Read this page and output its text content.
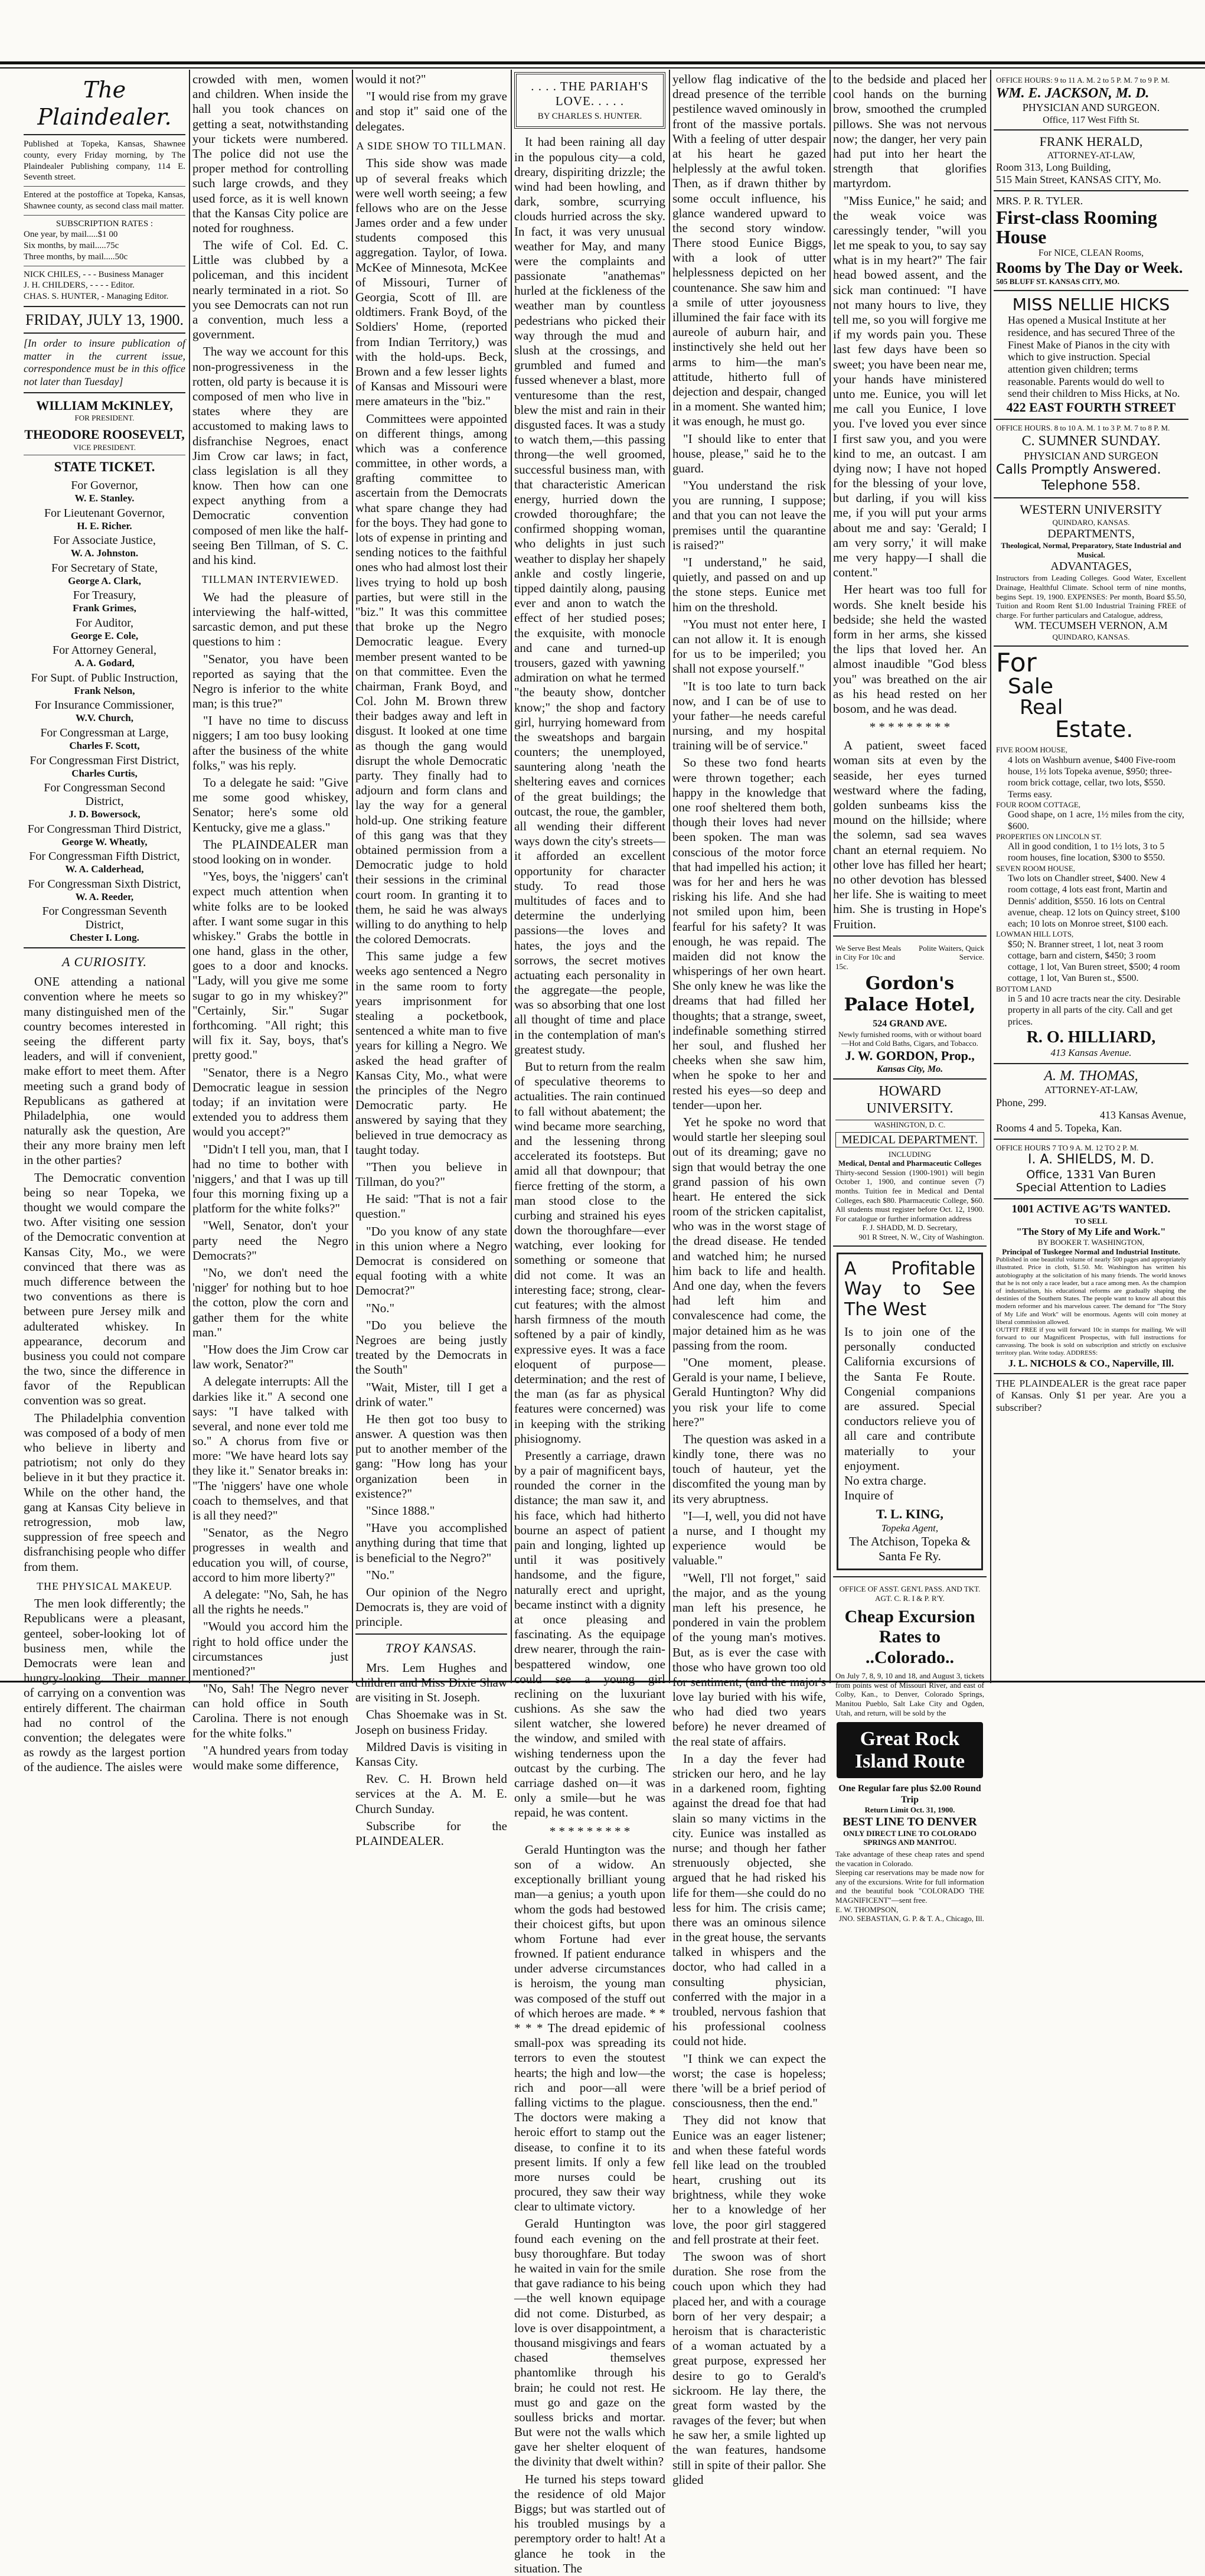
The Plaindealer.
Published at Topeka, Kansas, Shawnee county, every Friday morning, by The Plaindealer Publishing company, 114 E. Seventh street.
Entered at the postoffice at Topeka, Kansas, Shawnee county, as second class mail matter.
SUBSCRIPTION RATES :
One year, by mail.....$1 00
Six months, by mail.....75c
Three months, by mail.....50c
NICK CHILES, - - - Business Manager
J. H. CHILDERS, - - - - Editor.
CHAS. S. HUNTER, - Managing Editor.
FRIDAY, JULY 13, 1900.
[In order to insure publication of matter in the current issue, correspondence must be in this office not later than Tuesday]
WILLIAM McKINLEY,
FOR PRESIDENT.
THEODORE ROOSEVELT,
VICE PRESIDENT.
STATE TICKET.
For Governor,
W. E. Stanley.
For Lieutenant Governor,
H. E. Richer.
For Associate Justice,
W. A. Johnston.
For Secretary of State,
George A. Clark,
For Treasury,
Frank Grimes,
For Auditor,
George E. Cole,
For Attorney General,
A. A. Godard,
For Supt. of Public Instruction,
Frank Nelson,
For Insurance Commissioner,
W.V. Church,
For Congressman at Large,
Charles F. Scott,
For Congressman First District,
Charles Curtis,
For Congressman Second District,
J. D. Bowersock,
For Congressman Third District,
George W. Wheatly,
For Congressman Fifth District,
W. A. Calderhead,
For Congressman Sixth District,
W. A. Reeder,
For Congressman Seventh District,
Chester I. Long.
A CURIOSITY.

ONE attending a national convention where he meets so many distinguished men of the country becomes interested in seeing the different party leaders, and will if convenient, make effort to meet them. After meeting such a grand body of Republicans as gathered at Philadelphia, one would naturally ask the question, Are their any more brainy men left in the other parties?

The Democratic convention being so near Topeka, we thought we would compare the two. After visiting one session of the Democratic convention at Kansas City, Mo., we were convinced that there was as much difference between the two conventions as there is between pure Jersey milk and adulterated whiskey. In appearance, decorum and business you could not compare the two, since the difference in favor of the Republican convention was so great.

The Philadelphia convention was composed of a body of men who believe in liberty and patriotism; not only do they believe in it but they practice it. While on the other hand, the gang at Kansas City believe in retrogression, mob law, suppression of free speech and disfranchising people who differ from them.

THE PHYSICAL MAKEUP.

The men look differently; the Republicans were a pleasant, genteel, sober-looking lot of business men, while the Democrats were lean and hungry-looking. Their manner of carrying on a convention was entirely different. The chairman had no control of the convention; the delegates were as rowdy as the largest portion of the audience. The aisles were

crowded with men, women and children. When inside the hall you took chances on getting a seat, notwithstanding your tickets were numbered. The police did not use the proper method for controlling such large crowds, and they used force, as it is well known that the Kansas City police are noted for roughness.

The wife of Col. Ed. C. Little was clubbed by a policeman, and this incident nearly terminated in a riot. So you see Democrats can not run a convention, much less a government.

The way we account for this non-progressiveness in the rotten, old party is because it is composed of men who live in states where they are accustomed to making laws to disfranchise Negroes, enact Jim Crow car laws; in fact, class legislation is all they know. Then how can one expect anything from a Democratic convention composed of men like the half-seeing Ben Tillman, of S. C. and his kind.

TILLMAN INTERVIEWED.

We had the pleasure of interviewing the half-witted, sarcastic demon, and put these questions to him :

"Senator, you have been reported as saying that the Negro is inferior to the white man; is this true?"

"I have no time to discuss niggers; I am too busy looking after the business of the white folks," was his reply.

To a delegate he said: "Give me some good whiskey, Senator; here's some old Kentucky, give me a glass."

The PLAINDEALER man stood looking on in wonder.

"Yes, boys, the 'niggers' can't expect much attention when white folks are to be looked after. I want some sugar in this whiskey." Grabs the bottle in one hand, glass in the other, goes to a door and knocks. "Lady, will you give me some sugar to go in my whiskey?" "Certainly, Sir." Sugar forthcoming. "All right; this will fix it. Say, boys, that's pretty good."

"Senator, there is a Negro Democratic league in session today; if an invitation were extended you to address them would you accept?"

"Didn't I tell you, man, that I had no time to bother with 'niggers,' and that I was up till four this morning fixing up a platform for the white folks?"

"Well, Senator, don't your party need the Negro Democrats?"

"No, we don't need the 'nigger' for nothing but to hoe the cotton, plow the corn and gather them for the white man."

"How does the Jim Crow car law work, Senator?"

A delegate interrupts: All the darkies like it." A second one says: "I have talked with several, and none ever told me so." A chorus from five or more: "We have heard lots say they like it." Senator breaks in: "The 'niggers' have one whole coach to themselves, and that is all they need?"

"Senator, as the Negro progresses in wealth and education you will, of course, accord to him more liberty?"

A delegate: "No, Sah, he has all the rights he needs."

"Would you accord him the right to hold office under the circumstances just mentioned?"

"No, Sah! The Negro never can hold office in South Carolina. There is not enough for the white folks."

"A hundred years from today would make some difference,

would it not?"

"I would rise from my grave and stop it" said one of the delegates.

A SIDE SHOW TO TILLMAN.

This side show was made up of several freaks which were well worth seeing; a few fellows who are on the Jesse James order and a few under students composed this aggregation. Taylor, of Iowa. McKee of Minnesota, McKee of Missouri, Turner of Georgia, Scott of Ill. are oldtimers. Frank Boyd, of the Soldiers' Home, (reported from Indian Territory,) was with the hold-ups. Beck, Brown and a few lesser lights of Kansas and Missouri were mere amateurs in the "biz."

Committees were appointed on different things, among which was a conference committee, in other words, a grafting committee to ascertain from the Democrats what spare change they had for the boys. They had gone to lots of expense in printing and sending notices to the faithful ones who had almost lost their lives trying to hold up bosh parties, but were still in the "biz." It was this committee that broke up the Negro Democratic league. Every member present wanted to be on that committee. Even the chairman, Frank Boyd, and Col. John M. Brown threw their badges away and left in disgust. It looked at one time as though the gang would disrupt the whole Democratic party. They finally had to adjourn and form clans and lay the way for a general hold-up. One striking feature of this gang was that they obtained permission from a Democratic judge to hold their sessions in the criminal court room. In granting it to them, he said he was always willing to do anything to help the colored Democrats.

This same judge a few weeks ago sentenced a Negro in the same room to forty years imprisonment for stealing a pocketbook, sentenced a white man to five years for killing a Negro. We asked the head grafter of Kansas City, Mo., what were the principles of the Negro Democratic party. He answered by saying that they believed in true democracy as taught today.

"Then you believe in Tillman, do you?"

He said: "That is not a fair question."

"Do you know of any state in this union where a Negro Democrat is considered on equal footing with a white Democrat?"

"No."

"Do you believe the Negroes are being justly treated by the Democrats in the South"

"Wait, Mister, till I get a drink of water."

He then got too busy to answer. A question was then put to another member of the gang: "How long has your organization been in existence?"

"Since 1888."

"Have you accomplished anything during that time that is beneficial to the Negro?"

"No."

Our opinion of the Negro Democrats is, they are void of principle.

TROY KANSAS.

Mrs. Lem Hughes and children and Miss Dixie Shaw are visiting in St. Joseph.

Chas Shoemake was in St. Joseph on business Friday.

Mildred Davis is visiting in Kansas City.

Rev. C. H. Brown held services at the A. M. E. Church Sunday.

Subscribe for the PLAINDEALER.

. . . . THE PARIAH'S LOVE. . . . .
BY CHARLES S. HUNTER.

It had been raining all day in the populous city—a cold, dreary, dispiriting drizzle; the wind had been howling, and dark, sombre, scurrying clouds hurried across the sky. In fact, it was very unusual weather for May, and many were the complaints and passionate "anathemas" hurled at the fickleness of the weather man by countless pedestrians who picked their way through the mud and slush at the crossings, and grumbled and fumed and fussed whenever a blast, more venturesome than the rest, blew the mist and rain in their disgusted faces. It was a study to watch them,—this passing throng—the well groomed, successful business man, with that characteristic American energy, hurried down the crowded thoroughfare; the confirmed shopping woman, who delights in just such weather to display her shapely ankle and costly lingerie, tipped daintily along, pausing ever and anon to watch the effect of her studied poses; the exquisite, with monocle and cane and turned-up trousers, gazed with yawning admiration on what he termed "the beauty show, dontcher know;" the shop and factory girl, hurrying homeward from the sweatshops and bargain counters; the unemployed, sauntering along 'neath the sheltering eaves and cornices of the great buildings; the outcast, the roue, the gambler, all wending their different ways down the city's streets—it afforded an excellent opportunity for character study. To read those multitudes of faces and to determine the underlying passions—the loves and hates, the joys and the sorrows, the secret motives actuating each personality in the aggregate—the people, was so absorbing that one lost all thought of time and place in the contemplation of man's greatest study.

But to return from the realm of speculative theorems to actualities. The rain continued to fall without abatement; the wind became more searching, and the lessening throng accelerated its footsteps. But amid all that downpour; that fierce fretting of the storm, a man stood close to the curbing and strained his eyes down the thoroughfare—ever watching, ever looking for something or someone that did not come. It was an interesting face; strong, clear-cut features; with the almost harsh firmness of the mouth softened by a pair of kindly, expressive eyes. It was a face eloquent of purpose—determination; and the rest of the man (as far as physical features were concerned) was in keeping with the striking phisiognomy.

Presently a carriage, drawn by a pair of magnificent bays, rounded the corner in the distance; the man saw it, and his face, which had hitherto bourne an aspect of patient pain and longing, lighted up until it was positively handsome, and the figure, naturally erect and upright, became instinct with a dignity at once pleasing and fascinating. As the equipage drew nearer, through the rain-bespattered window, one could see a young girl reclining on the luxuriant cushions. As she saw the silent watcher, she lowered the window, and smiled with wishing tenderness upon the outcast by the curbing. The carriage dashed on—it was only a smile—but he was repaid, he was content.

* * * * * * * * *

Gerald Huntington was the son of a widow. An exceptionally brilliant young man—a genius; a youth upon whom the gods had bestowed their choicest gifts, but upon whom Fortune had ever frowned. If patient endurance under adverse circumstances is heroism, the young man was composed of the stuff out of which heroes are made. * * * * * The dread epidemic of small-pox was spreading its terrors to even the stoutest hearts; the high and low—the rich and poor—all were falling victims to the plague. The doctors were making a heroic effort to stamp out the disease, to confine it to its present limits. If only a few more nurses could be procured, they saw their way clear to ultimate victory.

Gerald Huntington was found each evening on the busy thoroughfare. But today he waited in vain for the smile that gave radiance to his being—the well known equipage did not come. Disturbed, as love is over disappointment, a thousand misgivings and fears chased themselves phantomlike through his brain; he could not rest. He must go and gaze on the soulless bricks and mortar. But were not the walls which gave her shelter eloquent of the divinity that dwelt within?

He turned his steps toward the residence of old Major Biggs; but was startled out of his troubled musings by a peremptory order to halt! At a glance he took in the situation. The

yellow flag indicative of the dread presence of the terrible pestilence waved ominously in front of the massive portals. With a feeling of utter despair at his heart he gazed helplessly at the awful token. Then, as if drawn thither by some occult influence, his glance wandered upward to the second story window. There stood Eunice Biggs, with a look of utter helplessness depicted on her countenance. She saw him and a smile of utter joyousness illumined the fair face with its aureole of auburn hair, and instinctively she held out her arms to him—the man's attitude, hitherto full of dejection and despair, changed in a moment. She wanted him; it was enough, he must go.

"I should like to enter that house, please," said he to the guard.

"You understand the risk you are running, I suppose; and that you can not leave the premises until the quarantine is raised?"

"I understand," he said, quietly, and passed on and up the stone steps. Eunice met him on the threshold.

"You must not enter here, I can not allow it. It is enough for us to be imperiled; you shall not expose yourself."

"It is too late to turn back now, and I can be of use to your father—he needs careful nursing, and my hospital training will be of service."

So these two fond hearts were thrown together; each happy in the knowledge that one roof sheltered them both, though their loves had never been spoken. The man was conscious of the motor force that had impelled his action; it was for her and hers he was risking his life. And she had not smiled upon him, been fearful for his safety? It was enough, he was repaid. The maiden did not know the whisperings of her own heart. She only knew he was like the dreams that had filled her thoughts; that a strange, sweet, indefinable something stirred her soul, and flushed her cheeks when she saw him, when he spoke to her and rested his eyes—so deep and tender—upon her.

Yet he spoke no word that would startle her sleeping soul out of its dreaming; gave no sign that would betray the one grand passion of his own heart. He entered the sick room of the stricken capitalist, who was in the worst stage of the dread disease. He tended and watched him; he nursed him back to life and health. And one day, when the fevers had left him and convalescence had come, the major detained him as he was passing from the room.

"One moment, please. Gerald is your name, I believe, Gerald Huntington? Why did you risk your life to come here?"

The question was asked in a kindly tone, there was no touch of hauteur, yet the discomfited the young man by its very abruptness.

"I—I, well, you did not have a nurse, and I thought my experience would be valuable."

"Well, I'll not forget," said the major, and as the young man left his presence, he pondered in vain the problem of the young man's motives. But, as is ever the case with those who have grown too old for sentiment, (and the major's love lay buried with his wife, who had died two years before) he never dreamed of the real state of affairs.

In a day the fever had stricken our hero, and he lay in a darkened room, fighting against the dread foe that had slain so many victims in the city. Eunice was installed as nurse; and though her father strenuously objected, she argued that he had risked his life for them—she could do no less for him. The crisis came; there was an ominous silence in the great house, the servants talked in whispers and the doctor, who had called in a consulting physician, conferred with the major in a troubled, nervous fashion that his professional coolness could not hide.

"I think we can expect the worst; the case is hopeless; there 'will be a brief period of consciousness, then the end."

They did not know that Eunice was an eager listener; and when these fateful words fell like lead on the troubled heart, crushing out its brightness, while they woke her to a knowledge of her love, the poor girl staggered and fell prostrate at their feet.

The swoon was of short duration. She rose from the couch upon which they had placed her, and with a courage born of her very despair; a heroism that is characteristic of a woman actuated by a great purpose, expressed her desire to go to Gerald's sickroom. He lay there, the great form wasted by the ravages of the fever; but when he saw her, a smile lighted up the wan features, handsome still in spite of their pallor. She glided

to the bedside and placed her cool hands on the burning brow, smoothed the crumpled pillows. She was not nervous now; the danger, her very pain had put into her heart the strength that glorifies martyrdom.

"Miss Eunice," he said; and the weak voice was caressingly tender, "will you let me speak to you, to say say what is in my heart?" The fair head bowed assent, and the sick man continued: "I have not many hours to live, they tell me, so you will forgive me if my words pain you. These last few days have been so sweet; you have been near me, your hands have ministered unto me. Eunice, you will let me call you Eunice, I love you. I've loved you ever since I first saw you, and you were kind to me, an outcast. I am dying now; I have not hoped for the blessing of your love, but darling, if you will kiss me, if you will put your arms about me and say: 'Gerald; I am very sorry,' it will make me very happy—I shall die content."

Her heart was too full for words. She knelt beside his bedside; she held the wasted form in her arms, she kissed the lips that loved her. An almost inaudible "God bless you" was breathed on the air as his head rested on her bosom, and he was dead.

* * * * * * * * *

A patient, sweet faced woman sits at even by the seaside, her eyes turned westward where the fading, golden sunbeams kiss the mound on the hillside; where the solemn, sad sea waves chant an eternal requiem. No other love has filled her heart; no other devotion has blessed her life. She is waiting to meet him. She is trusting in Hope's Fruition.

We Serve Best Meals in City For 10c and 15c.
Polite Waiters, Quick Service.
Gordon's Palace Hotel,
524 GRAND AVE.
Newly furnished rooms, with or without board—Hot and Cold Baths, Cigars, and Tobacco.
J. W. GORDON, Prop.,
Kansas City, Mo.
HOWARD UNIVERSITY.
WASHINGTON, D. C.
MEDICAL DEPARTMENT.
INCLUDING
Medical, Dental and Pharmaceutic Colleges
Thirty-second Session (1900-1901) will begin October 1, 1900, and continue seven (7) months. Tuition fee in Medical and Dental Colleges, each $80. Pharmaceutic College, $60. All students must register before Oct. 12, 1900. For catalogue or further information address
F. J. SHADD, M. D. Secretary,
901 R Street, N. W., City of Washington.
A Profitable Way to See The West
Is to join one of the personally conducted California excursions of the Santa Fe Route. Congenial companions are assured. Special conductors relieve you of all care and contribute materially to your enjoyment.
No extra charge.
Inquire of
T. L. KING,
Topeka Agent,
The Atchison, Topeka & Santa Fe Ry.
OFFICE OF ASST. GEN'L PASS. AND TKT. AGT. C. R. I & P. R'Y.
Cheap Excursion Rates to ..Colorado..
On July 7, 8, 9, 10 and 18, and August 3, tickets from points west of Missouri River, and east of Colby, Kan., to Denver, Colorado Springs, Manitou Pueblo, Salt Lake City and Ogden, Utah, and return, will be sold by the
Great Rock Island Route
One Regular fare plus $2.00 Round Trip
Return Limit Oct. 31, 1900.
BEST LINE TO DENVER
ONLY DIRECT LINE TO COLORADO SPRINGS AND MANITOU.
Take advantage of these cheap rates and spend the vacation in Colorado.
Sleeping car reservations may be made now for any of the excursions. Write for full information and the beautiful book "COLORADO THE MAGNIFICENT"—sent free.
E. W. THOMPSON,
JNO. SEBASTIAN, G. P. & T. A., Chicago, Ill.
OFFICE HOURS: 9 to 11 A. M. 2 to 5 P. M. 7 to 9 P. M.
WM. E. JACKSON, M. D.
PHYSICIAN AND SURGEON.
Office, 117 West Fifth St.
FRANK HERALD,
ATTORNEY-AT-LAW,
Room 313, Long Building,
515 Main Street, KANSAS CITY, Mo.
MRS. P. R. TYLER.
First-class Rooming House
For NICE, CLEAN Rooms,
Rooms by The Day or Week.
505 BLUFF ST. KANSAS CITY, MO.
MISS NELLIE HICKS
Has opened a Musical Institute at her residence, and has secured Three of the Finest Make of Pianos in the city with which to give instruction. Special attention given children; terms reasonable. Parents would do well to send their children to Miss Hicks, at No.
422 EAST FOURTH STREET
OFFICE HOURS. 8 to 10 A. M. 1 to 3 P. M. 7 to 8 P. M.
C. SUMNER SUNDAY.
PHYSICIAN AND SURGEON
Calls Promptly Answered.
Telephone 558.
WESTERN UNIVERSITY
QUINDARO, KANSAS.
DEPARTMENTS,
Theological, Normal, Preparatory, State Industrial and Musical.
ADVANTAGES,
Instructors from Leading Colleges. Good Water, Excellent Drainage, Healthful Climate. School term of nine months, begins Sept. 19, 1900. EXPENSES: Per month, Board $5.50, Tuition and Room Rent $1.00 Industrial Training FREE of charge. For further particulars and Catalogue, address,
WM. TECUMSEH VERNON, A.M
QUINDARO, KANSAS.
For
Sale
Real
Estate.
FIVE ROOM HOUSE,
4 lots on Washburn avenue, $400 Five-room house, 1½ lots Topeka avenue, $950; three-room brick cottage, cellar, two lots, $550. Terms easy.
FOUR ROOM COTTAGE,
Good shape, on 1 acre, 1½ miles from the city, $600.
PROPERTIES ON LINCOLN ST.
All in good condition, 1 to 1½ lots, 3 to 5 room houses, fine location, $300 to $550.
SEVEN ROOM HOUSE,
Two lots on Chandler street, $400. New 4 room cottage, 4 lots east front, Martin and Dennis' addition, $550. 16 lots on Central avenue, cheap. 12 lots on Quincy street, $100 each; 10 lots on Monroe street, $100 each.
LOWMAN HILL LOTS,
$50; N. Branner street, 1 lot, neat 3 room cottage, barn and cistern, $450; 3 room cottage, 1 lot, Van Buren street, $500; 4 room cottage, 1 lot, Van Buren st., $500.
BOTTOM LAND
in 5 and 10 acre tracts near the city. Desirable property in all parts of the city. Call and get prices.
R. O. HILLIARD,
413 Kansas Avenue.
A. M. THOMAS,
ATTORNEY-AT-LAW,
Phone, 299.
413 Kansas Avenue,
Rooms 4 and 5. Topeka, Kan.
OFFICE HOURS 7 TO 9 A. M. 12 TO 2 P. M.
I. A. SHIELDS, M. D.
Office, 1331 Van Buren
Special Attention to Ladies
1001 ACTIVE AG'TS WANTED.
TO SELL
"The Story of My Life and Work."
BY BOOKER T. WASHINGTON,
Principal of Tuskegee Normal and Industrial Institute.
Published in one beautiful volume of nearly 500 pages and appropriately illustrated. Price in cloth, $1.50. Mr. Washington has written his autobiography at the solicitation of his many friends. The world knows that he is not only a race leader, but a race among men. As the champion of industrialism, his educational reforms are gradually shaping the destinies of the Southern States. The people want to know all about this modern reformer and his marvelous career. The demand for "The Story of My Life and Work" will be enormous. Agents will coin money at liberal commission allowed.
OUTFIT FREE if you will forward 10c in stamps for mailing. We will forward to our Magnificent Prospectus, with full instructions for canvassing. The book is sold on subscription and strictly on exclusive territory plan. Write today. ADDRESS:
J. L. NICHOLS & CO., Naperville, Ill.
THE PLAINDEALER is the great race paper of Kansas. Only $1 per year. Are you a subscriber?
